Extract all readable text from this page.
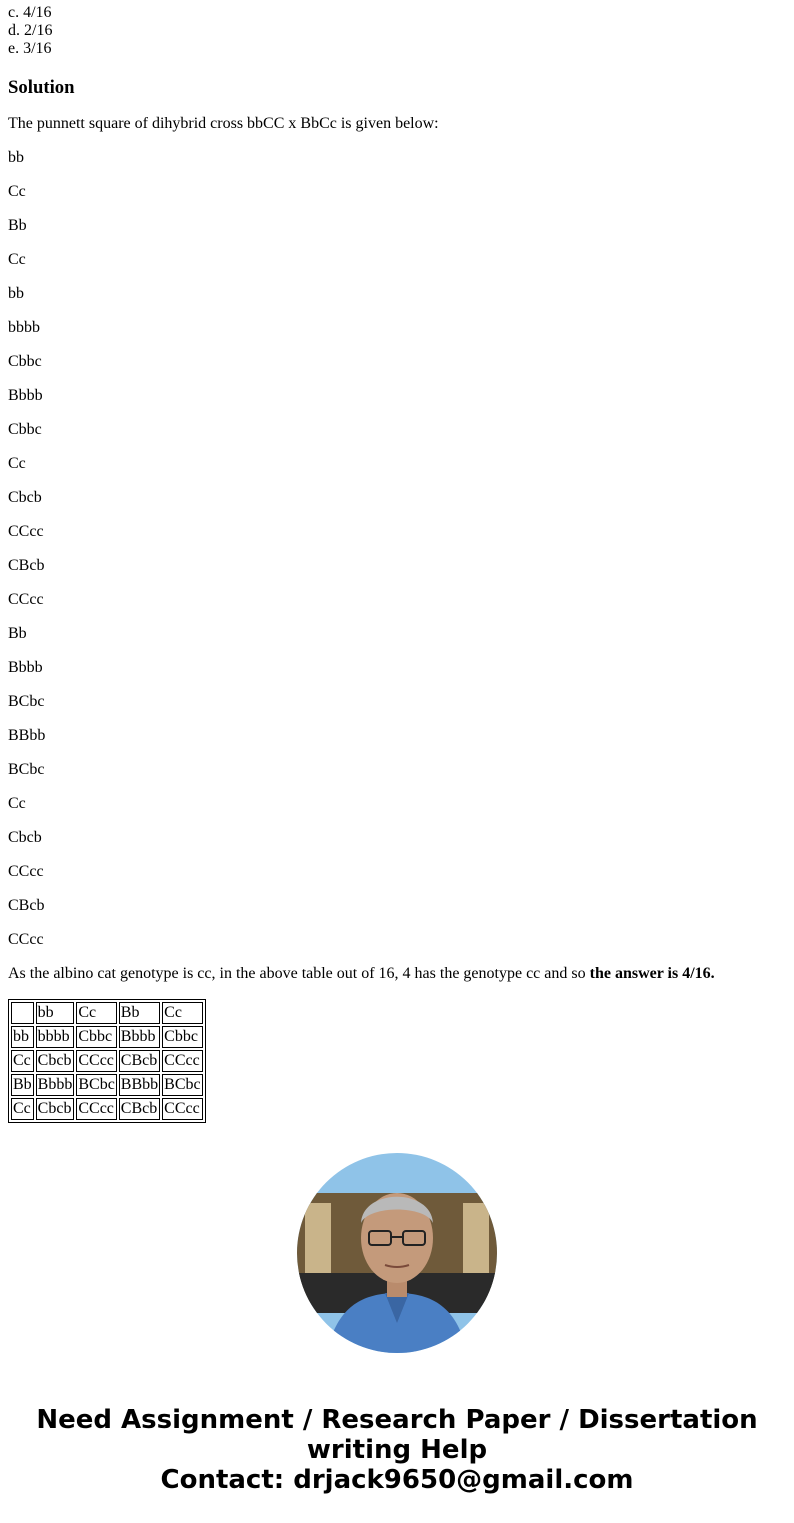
c. 4/16
d. 2/16
e. 3/16
Solution

The punnett square of dihybrid cross bbCC x BbCc is given below:

bb

Cc

Bb

Cc

bb

bbbb

Cbbc

Bbbb

Cbbc

Cc

Cbcb

CCcc

CBcb

CCcc

Bb

Bbbb

BCbc

BBbb

BCbc

Cc

Cbcb

CCcc

CBcb

CCcc

As the albino cat genotype is cc, in the above table out of 16, 4 has the genotype cc and so the answer is 4/16.

	bb	Cc	Bb	Cc
bb	bbbb	Cbbc	Bbbb	Cbbc
Cc	Cbcb	CCcc	CBcb	CCcc
Bb	Bbbb	BCbc	BBbb	BCbc
Cc	Cbcb	CCcc	CBcb	CCcc
Need Assignment / Research Paper / Dissertation
writing Help
Contact: drjack9650@gmail.com
